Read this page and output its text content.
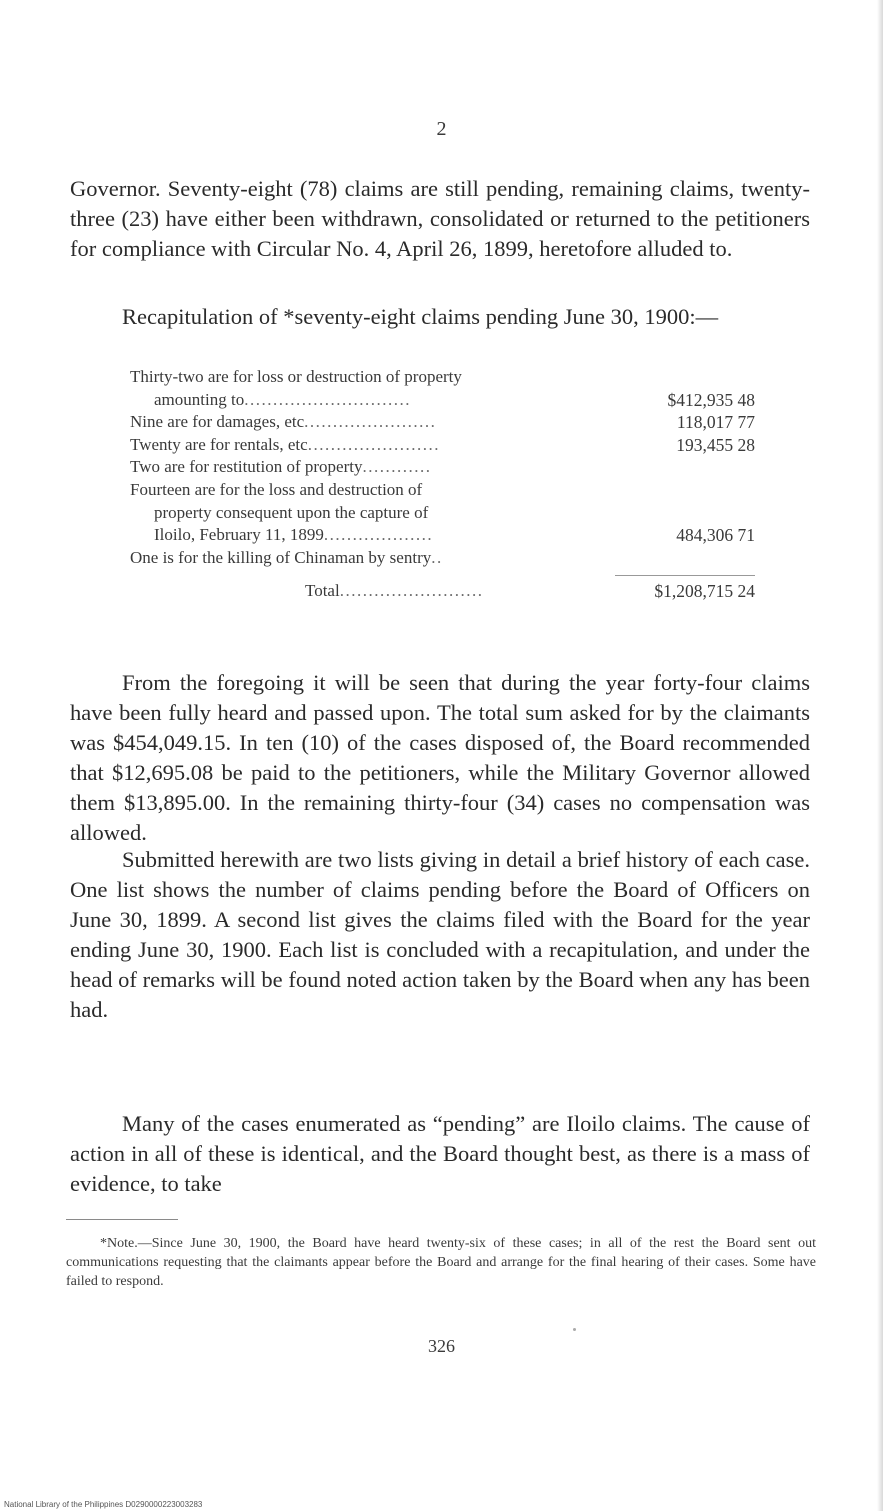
2

Governor. Seventy-eight (78) claims are still pending, remaining claims, twenty-three (23) have either been withdrawn, consolidated or returned to the petitioners for compliance with Circular No. 4, April 26, 1899, heretofore alluded to.

Recapitulation of *seventy-eight claims pending June 30, 1900:—

Thirty-two are for loss or destruction of property
amounting to.............................	$412,935 48
Nine are for damages, etc.......................	118,017 77
Twenty are for rentals, etc.......................	193,455 28
Two are for restitution of property............
Fourteen are for the loss and destruction of
property consequent upon the capture of
Iloilo, February 11, 1899...................	484,306 71
One is for the killing of Chinaman by sentry..
Total.........................	$1,208,715 24

From the foregoing it will be seen that during the year forty-four claims have been fully heard and passed upon. The total sum asked for by the claimants was $454,049.15. In ten (10) of the cases disposed of, the Board recommended that $12,695.08 be paid to the petitioners, while the Military Governor allowed them $13,895.00. In the remaining thirty-four (34) cases no compensation was allowed.

Submitted herewith are two lists giving in detail a brief history of each case. One list shows the number of claims pending before the Board of Officers on June 30, 1899. A second list gives the claims filed with the Board for the year ending June 30, 1900. Each list is concluded with a recapitulation, and under the head of remarks will be found noted action taken by the Board when any has been had.

Many of the cases enumerated as “pending” are Iloilo claims. The cause of action in all of these is identical, and the Board thought best, as there is a mass of evidence, to take

*Note.—Since June 30, 1900, the Board have heard twenty-six of these cases; in all of the rest the Board sent out communications requesting that the claimants appear before the Board and arrange for the final hearing of their cases. Some have failed to respond.

326
National Library of the Philippines D0290000223003283
